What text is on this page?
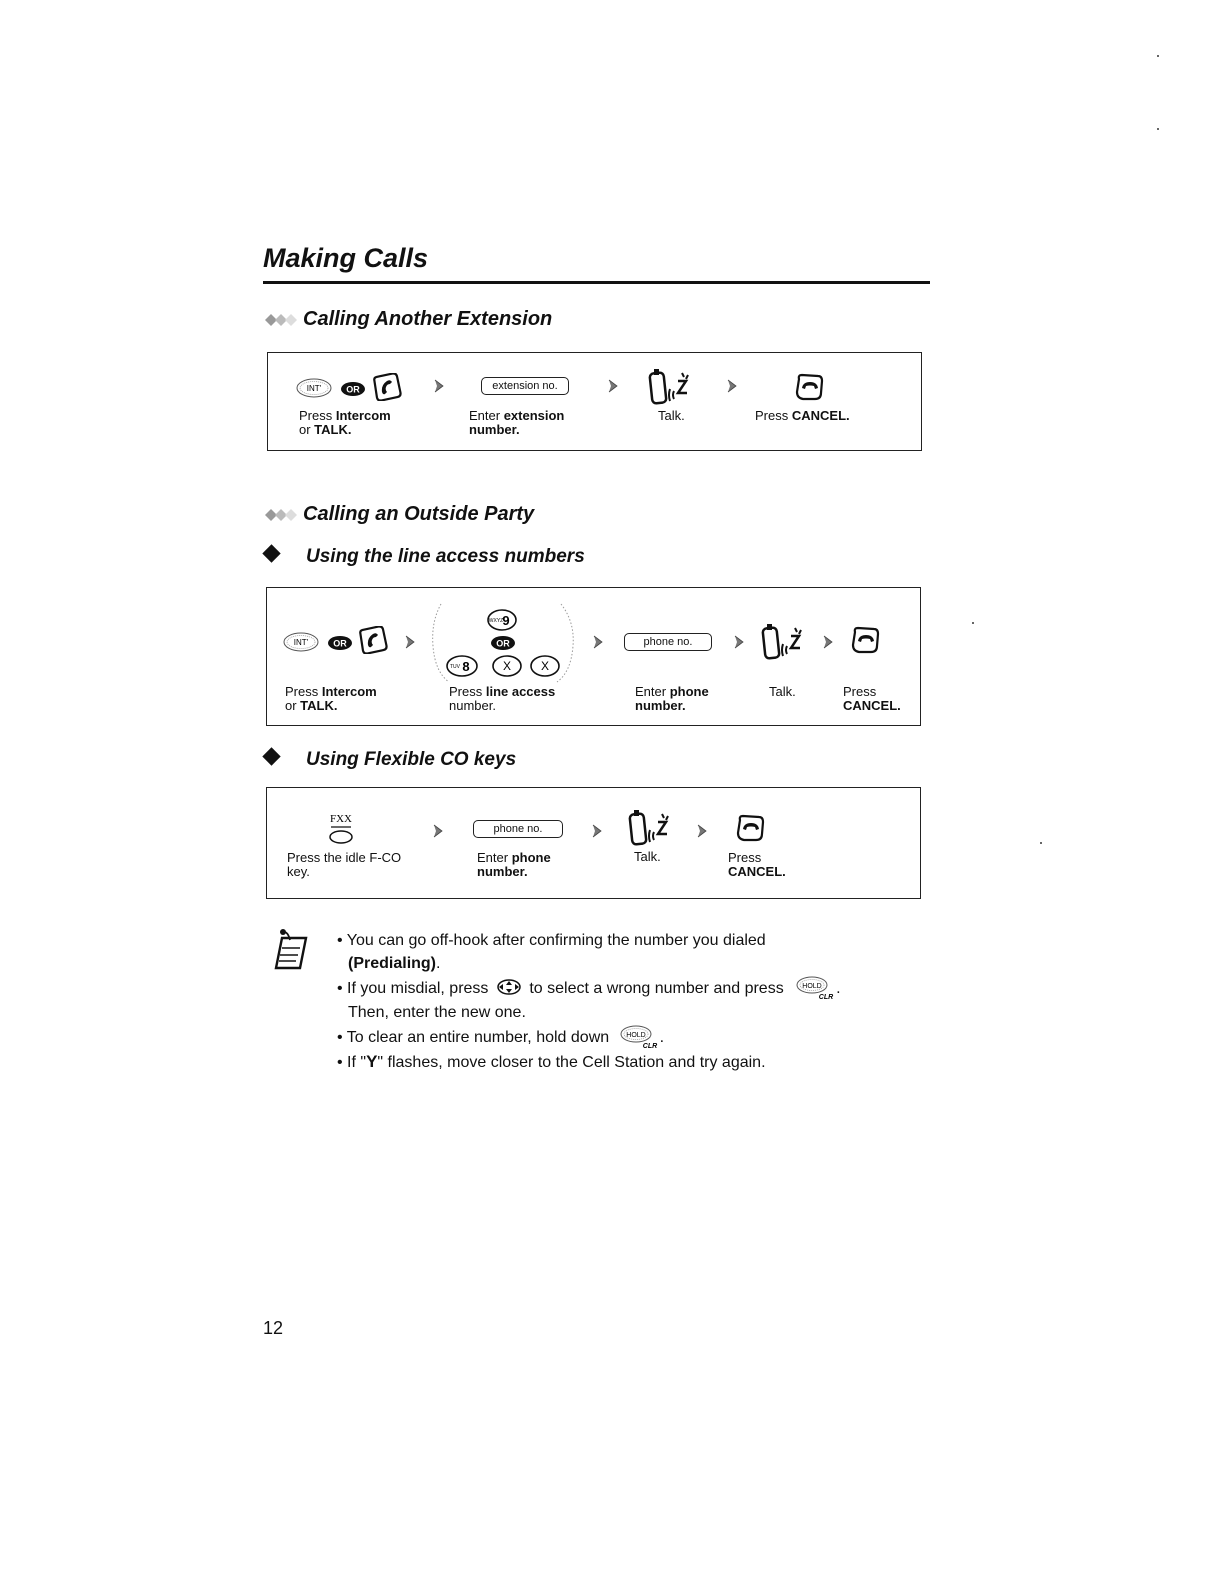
Making Calls
Calling Another Extension
INT'	OR	extension no.
Press Intercom
or TALK.
Enter extension
number.
Talk.	Press CANCEL.
Calling an Outside Party
Using the line access numbers
INT'	OR
WXYZ 9
OR
TUV 8	X X
phone no.
Press Intercom
or TALK.
Press line access
number.
Enter phone
number.
Talk.	Press
CANCEL.
Using Flexible CO keys
FXX
phone no.
Press the idle F-CO
key.
Enter phone
number.
Talk.	Press
CANCEL.
• You can go off-hook after confirming the number you dialed
(Predialing).
• If you misdial, press	to select a wrong number and press	HOLD
CLR
.
Then, enter the new one.
• To clear an entire number, hold down HOLD
CLR
.
• If "Y" flashes, move closer to the Cell Station and try again.
12
